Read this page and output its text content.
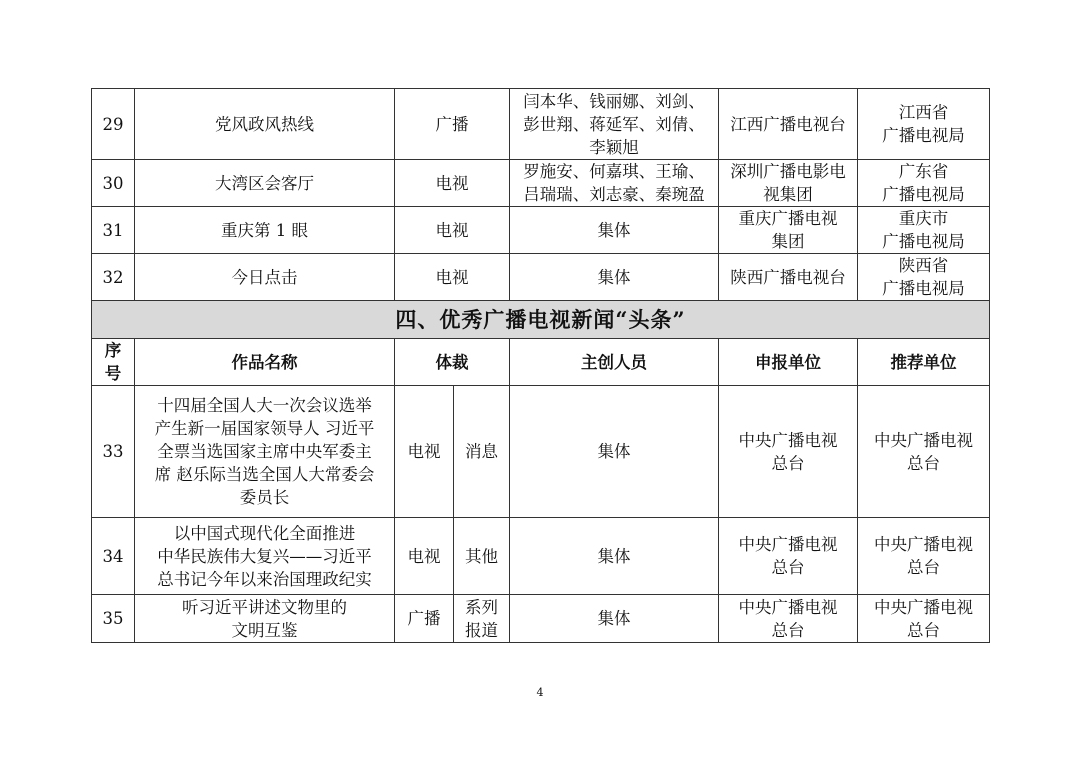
29	党风政风热线	广播		闫本华、钱丽娜、刘剑、
彭世翔、蒋延军、刘倩、
李颖旭	江西广播电视台	江西省
广播电视局
30	大湾区会客厅	电视		罗施安、何嘉琪、王瑜、
吕瑞瑞、刘志豪、秦琬盈	深圳广播电影电
视集团	广东省
广播电视局
31	重庆第 1 眼	电视		集体	重庆广播电视
集团	重庆市
广播电视局
32	今日点击	电视		集体	陕西广播电视台	陕西省
广播电视局
四、优秀广播电视新闻“头条”						
序
号	作品名称	体裁		主创人员	申报单位	推荐单位
33	十四届全国人大一次会议选举
产生新一届国家领导人 习近平
全票当选国家主席中央军委主
席 赵乐际当选全国人大常委会
委员长	电视	消息	集体	中央广播电视
总台	中央广播电视
总台
34	以中国式现代化全面推进
中华民族伟大复兴——习近平
总书记今年以来治国理政纪实	电视	其他	集体	中央广播电视
总台	中央广播电视
总台
35	听习近平讲述文物里的
文明互鉴	广播	系列
报道	集体	中央广播电视
总台	中央广播电视
总台
4
